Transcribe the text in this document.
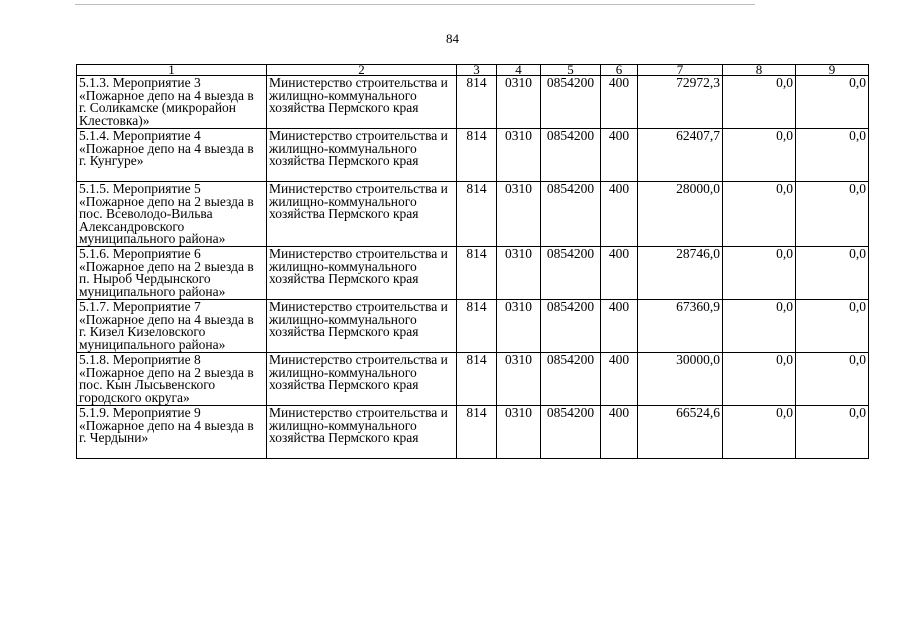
84
1	2	3	4	5	6	7	8	9
5.1.3. Мероприятие 3 «Пожарное депо на 4 выезда в г. Соликамске (микрорайон Клестовка)»	Министерство строительства и жилищно-коммунального хозяйства Пермского края	814	0310	0854200	400	72972,3	0,0	0,0
5.1.4. Мероприятие 4 «Пожарное депо на 4 выезда в г. Кунгуре»	Министерство строительства и жилищно-коммунального хозяйства Пермского края	814	0310	0854200	400	62407,7	0,0	0,0
5.1.5. Мероприятие 5 «Пожарное депо на 2 выезда в пос. Всеволодо-Вильва Александровского муниципального района»	Министерство строительства и жилищно-коммунального хозяйства Пермского края	814	0310	0854200	400	28000,0	0,0	0,0
5.1.6. Мероприятие 6 «Пожарное депо на 2 выезда в п. Ныроб Чердынского муниципального района»	Министерство строительства и жилищно-коммунального хозяйства Пермского края	814	0310	0854200	400	28746,0	0,0	0,0
5.1.7. Мероприятие 7 «Пожарное депо на 4 выезда в г. Кизел Кизеловского муниципального района»	Министерство строительства и жилищно-коммунального хозяйства Пермского края	814	0310	0854200	400	67360,9	0,0	0,0
5.1.8. Мероприятие 8 «Пожарное депо на 2 выезда в пос. Кын Лысьвенского городского округа»	Министерство строительства и жилищно-коммунального хозяйства Пермского края	814	0310	0854200	400	30000,0	0,0	0,0
5.1.9. Мероприятие 9 «Пожарное депо на 4 выезда в г. Чердыни»	Министерство строительства и жилищно-коммунального хозяйства Пермского края	814	0310	0854200	400	66524,6	0,0	0,0
